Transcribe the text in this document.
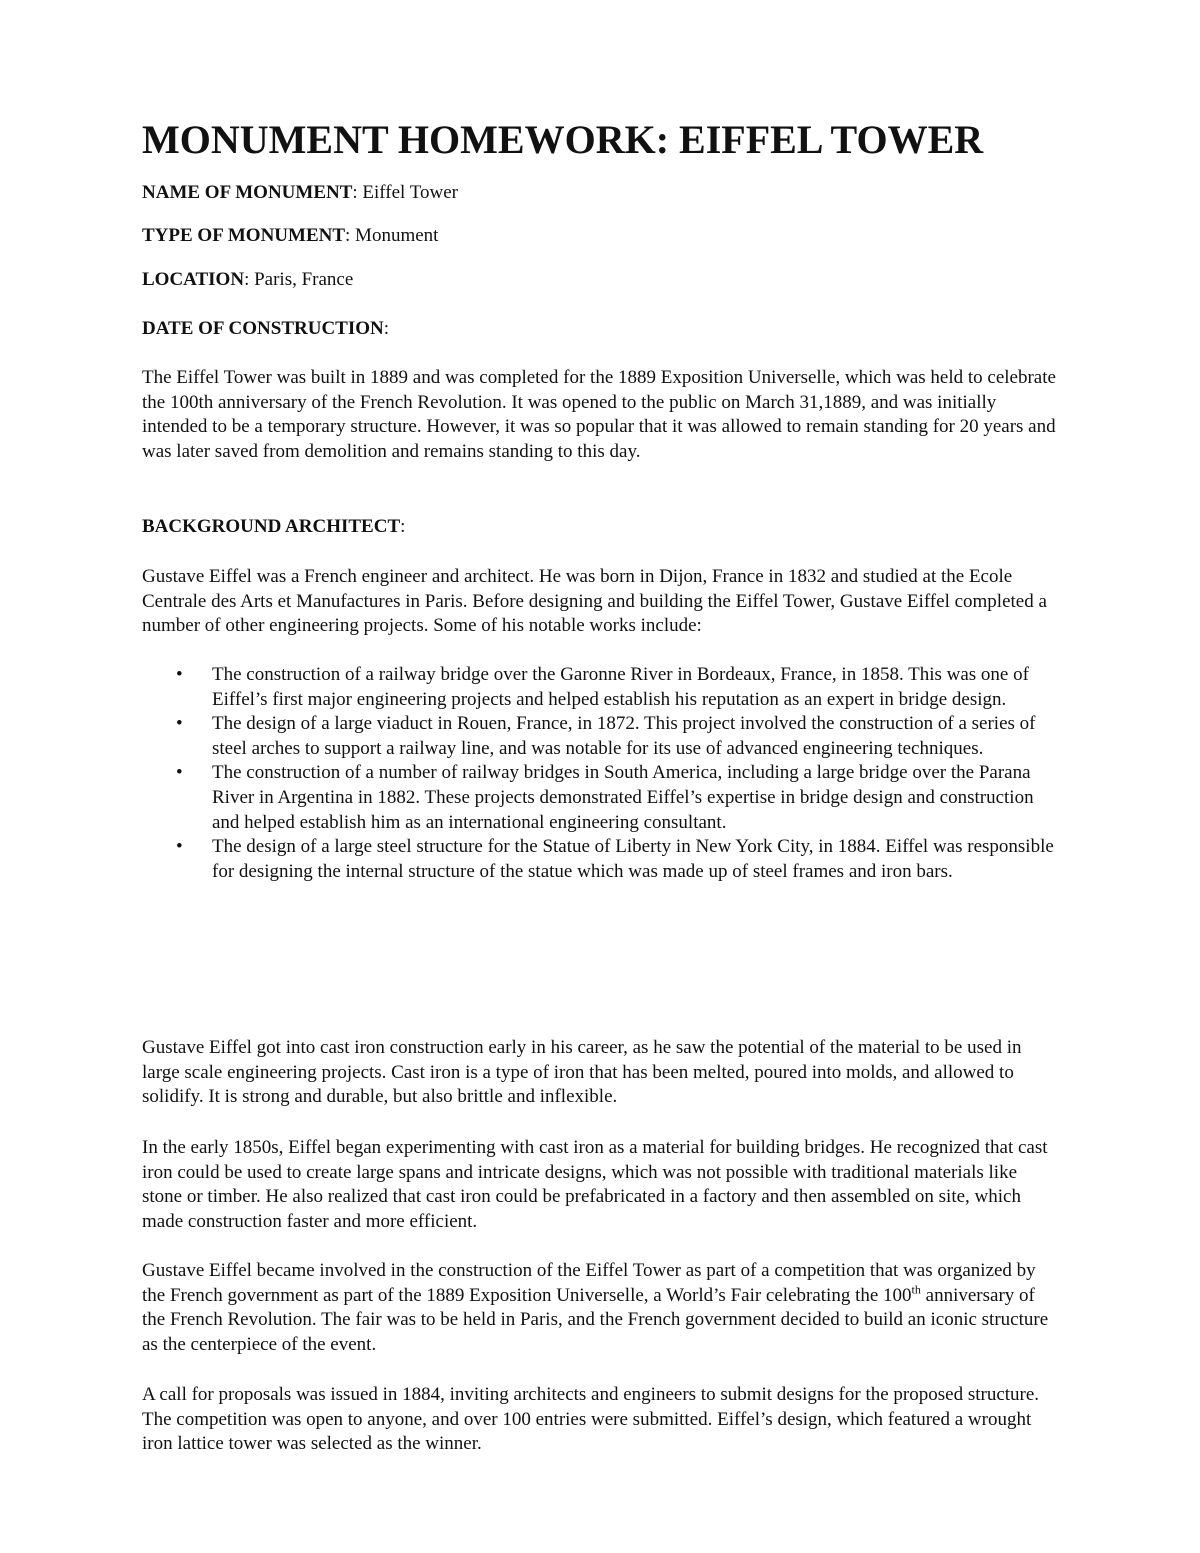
MONUMENT HOMEWORK: EIFFEL TOWER

NAME OF MONUMENT: Eiffel Tower

TYPE OF MONUMENT: Monument

LOCATION: Paris, France

DATE OF CONSTRUCTION:

The Eiffel Tower was built in 1889 and was completed for the 1889 Exposition Universelle, which was held to celebrate the 100th anniversary of the French Revolution. It was opened to the public on March 31,1889, and was initially intended to be a temporary structure. However, it was so popular that it was allowed to remain standing for 20 years and was later saved from demolition and remains standing to this day.

BACKGROUND ARCHITECT:

Gustave Eiffel was a French engineer and architect. He was born in Dijon, France in 1832 and studied at the Ecole Centrale des Arts et Manufactures in Paris. Before designing and building the Eiffel Tower, Gustave Eiffel completed a number of other engineering projects. Some of his notable works include:

• The construction of a railway bridge over the Garonne River in Bordeaux, France, in 1858. This was one of Eiffel’s first major engineering projects and helped establish his reputation as an expert in bridge design.
• The design of a large viaduct in Rouen, France, in 1872. This project involved the construction of a series of steel arches to support a railway line, and was notable for its use of advanced engineering techniques.
• The construction of a number of railway bridges in South America, including a large bridge over the Parana River in Argentina in 1882. These projects demonstrated Eiffel’s expertise in bridge design and construction and helped establish him as an international engineering consultant.
• The design of a large steel structure for the Statue of Liberty in New York City, in 1884. Eiffel was responsible for designing the internal structure of the statue which was made up of steel frames and iron bars.

Gustave Eiffel got into cast iron construction early in his career, as he saw the potential of the material to be used in large scale engineering projects. Cast iron is a type of iron that has been melted, poured into molds, and allowed to solidify. It is strong and durable, but also brittle and inflexible.

In the early 1850s, Eiffel began experimenting with cast iron as a material for building bridges. He recognized that cast iron could be used to create large spans and intricate designs, which was not possible with traditional materials like stone or timber. He also realized that cast iron could be prefabricated in a factory and then assembled on site, which made construction faster and more efficient.

Gustave Eiffel became involved in the construction of the Eiffel Tower as part of a competition that was organized by the French government as part of the 1889 Exposition Universelle, a World’s Fair celebrating the 100th anniversary of the French Revolution. The fair was to be held in Paris, and the French government decided to build an iconic structure as the centerpiece of the event.

A call for proposals was issued in 1884, inviting architects and engineers to submit designs for the proposed structure. The competition was open to anyone, and over 100 entries were submitted. Eiffel’s design, which featured a wrought iron lattice tower was selected as the winner.
